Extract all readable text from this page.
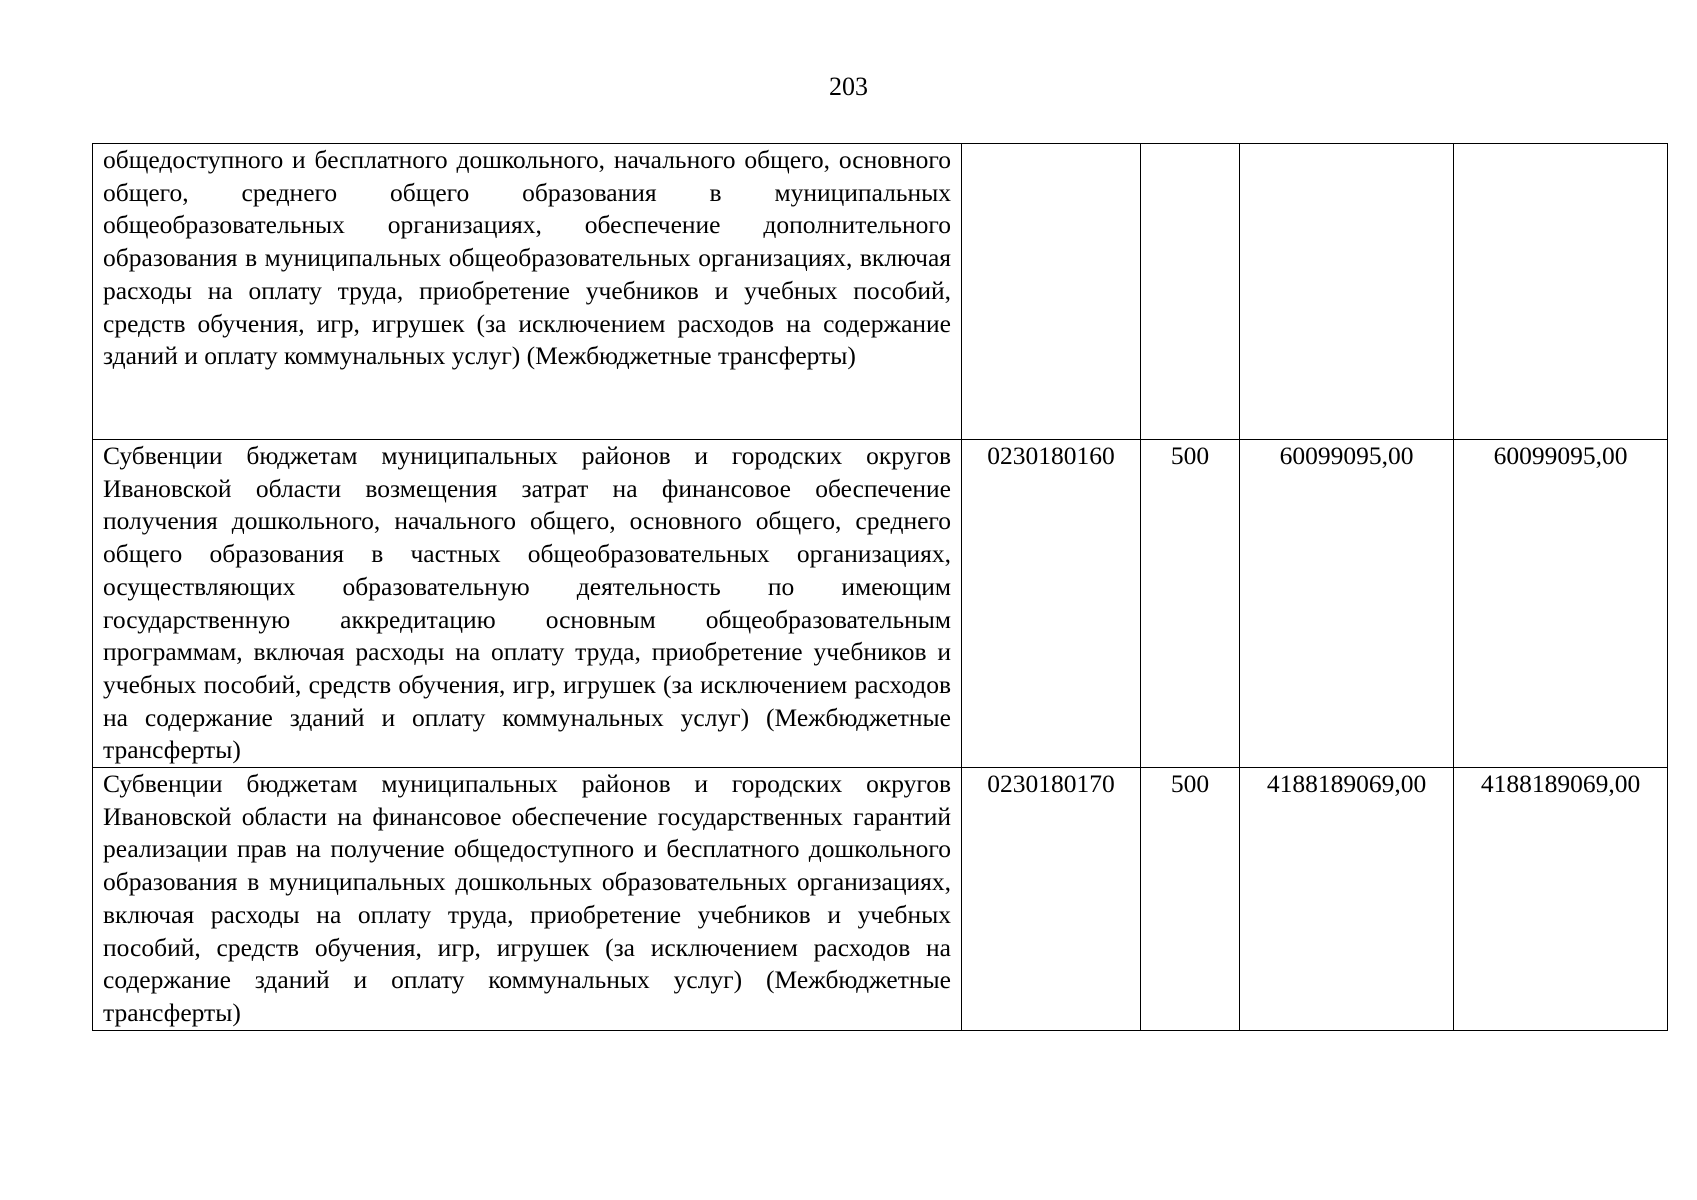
203
общедоступного и бесплатного дошкольного, начального общего, основного общего, среднего общего образования в муниципальных общеобразовательных организациях, обеспечение дополнительного образования в муниципальных общеобразовательных организациях, включая расходы на оплату труда, приобретение учебников и учебных пособий, средств обучения, игр, игрушек (за исключением расходов на содержание зданий и оплату коммунальных услуг) (Межбюджетные трансферты)				

Субвенции бюджетам муниципальных районов и городских округов Ивановской области возмещения затрат на финансовое обеспечение получения дошкольного, начального общего, основного общего, среднего общего образования в частных общеобразовательных организациях, осуществляющих образовательную деятельность по имеющим государственную аккредитацию основным общеобразовательным программам, включая расходы на оплату труда, приобретение учебников и учебных пособий, средств обучения, игр, игрушек (за исключением расходов на содержание зданий и оплату коммунальных услуг) (Межбюджетные трансферты)	0230180160	500	60099095,00	60099095,00

Субвенции бюджетам муниципальных районов и городских округов Ивановской области на финансовое обеспечение государственных гарантий реализации прав на получение общедоступного и бесплатного дошкольного образования в муниципальных дошкольных образовательных организациях, включая расходы на оплату труда, приобретение учебников и учебных пособий, средств обучения, игр, игрушек (за исключением расходов на содержание зданий и оплату коммунальных услуг) (Межбюджетные трансферты)	0230180170	500	4188189069,00	4188189069,00
